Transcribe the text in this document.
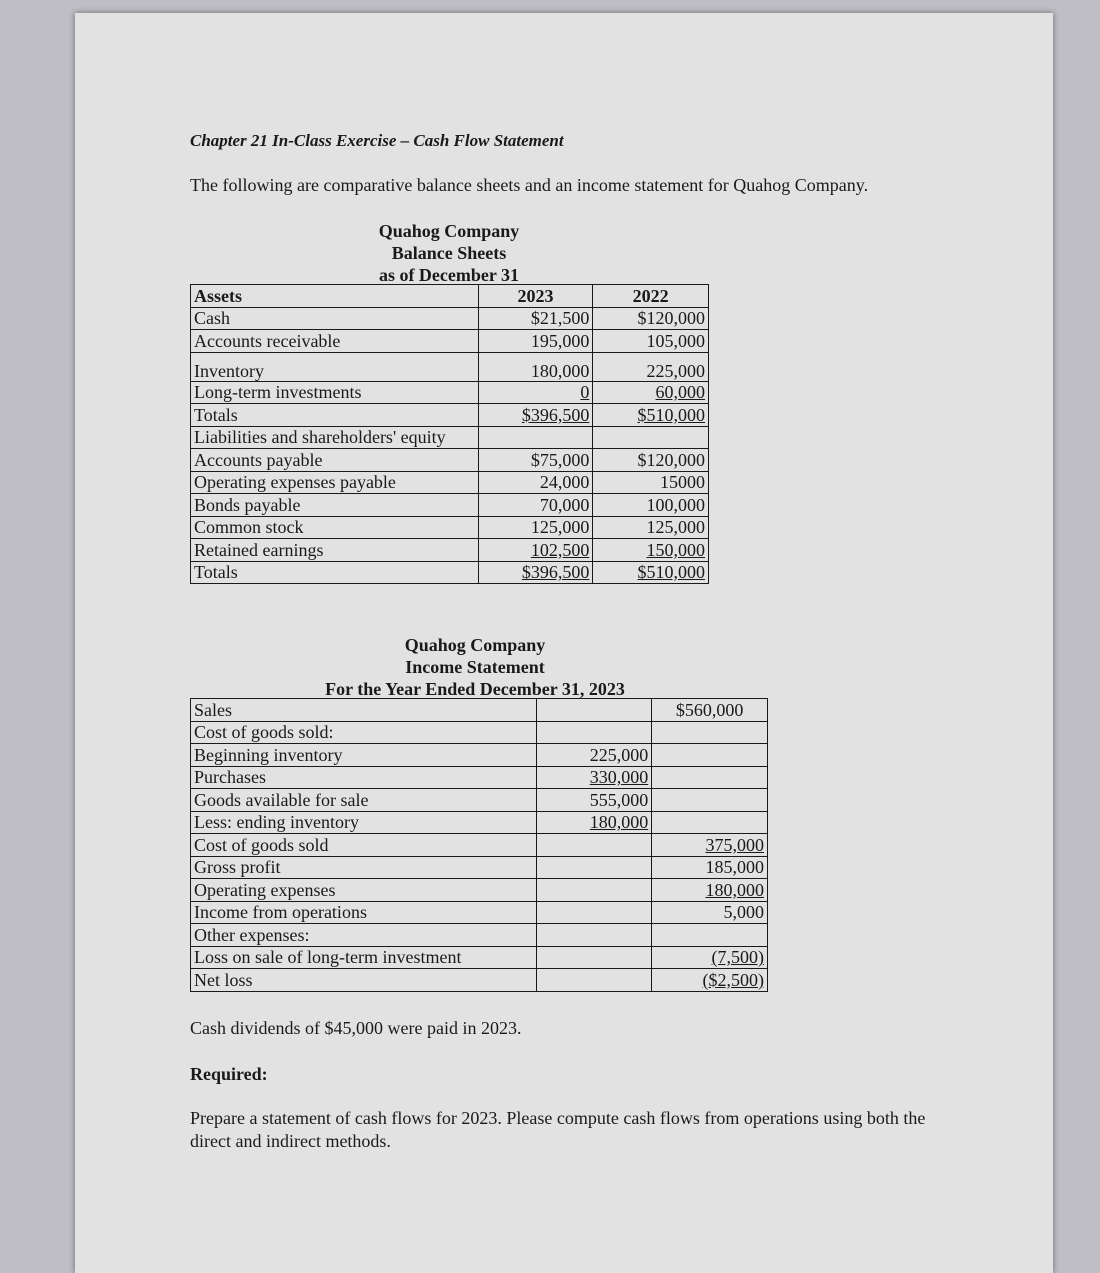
Chapter 21 In-Class Exercise – Cash Flow Statement
The following are comparative balance sheets and an income statement for Quahog Company.
Quahog Company
Balance Sheets
as of December 31
Assets	2023	2022
Cash	$21,500	$120,000
Accounts receivable	195,000	105,000
Inventory	180,000	225,000
Long-term investments	0	60,000
Totals	$396,500	$510,000
Liabilities and shareholders' equity		
Accounts payable	$75,000	$120,000
Operating expenses payable	24,000	15000
Bonds payable	70,000	100,000
Common stock	125,000	125,000
Retained earnings	102,500	150,000
Totals	$396,500	$510,000
Quahog Company
Income Statement
For the Year Ended December 31, 2023
Sales		$560,000
Cost of goods sold:		
Beginning inventory	225,000	
Purchases	330,000	
Goods available for sale	555,000	
Less: ending inventory	180,000	
Cost of goods sold		375,000
Gross profit		185,000
Operating expenses		180,000
Income from operations		5,000
Other expenses:		
Loss on sale of long-term investment		(7,500)
Net loss		($2,500)
Cash dividends of $45,000 were paid in 2023.
Required:
Prepare a statement of cash flows for 2023. Please compute cash flows from operations using both the direct and indirect methods.
